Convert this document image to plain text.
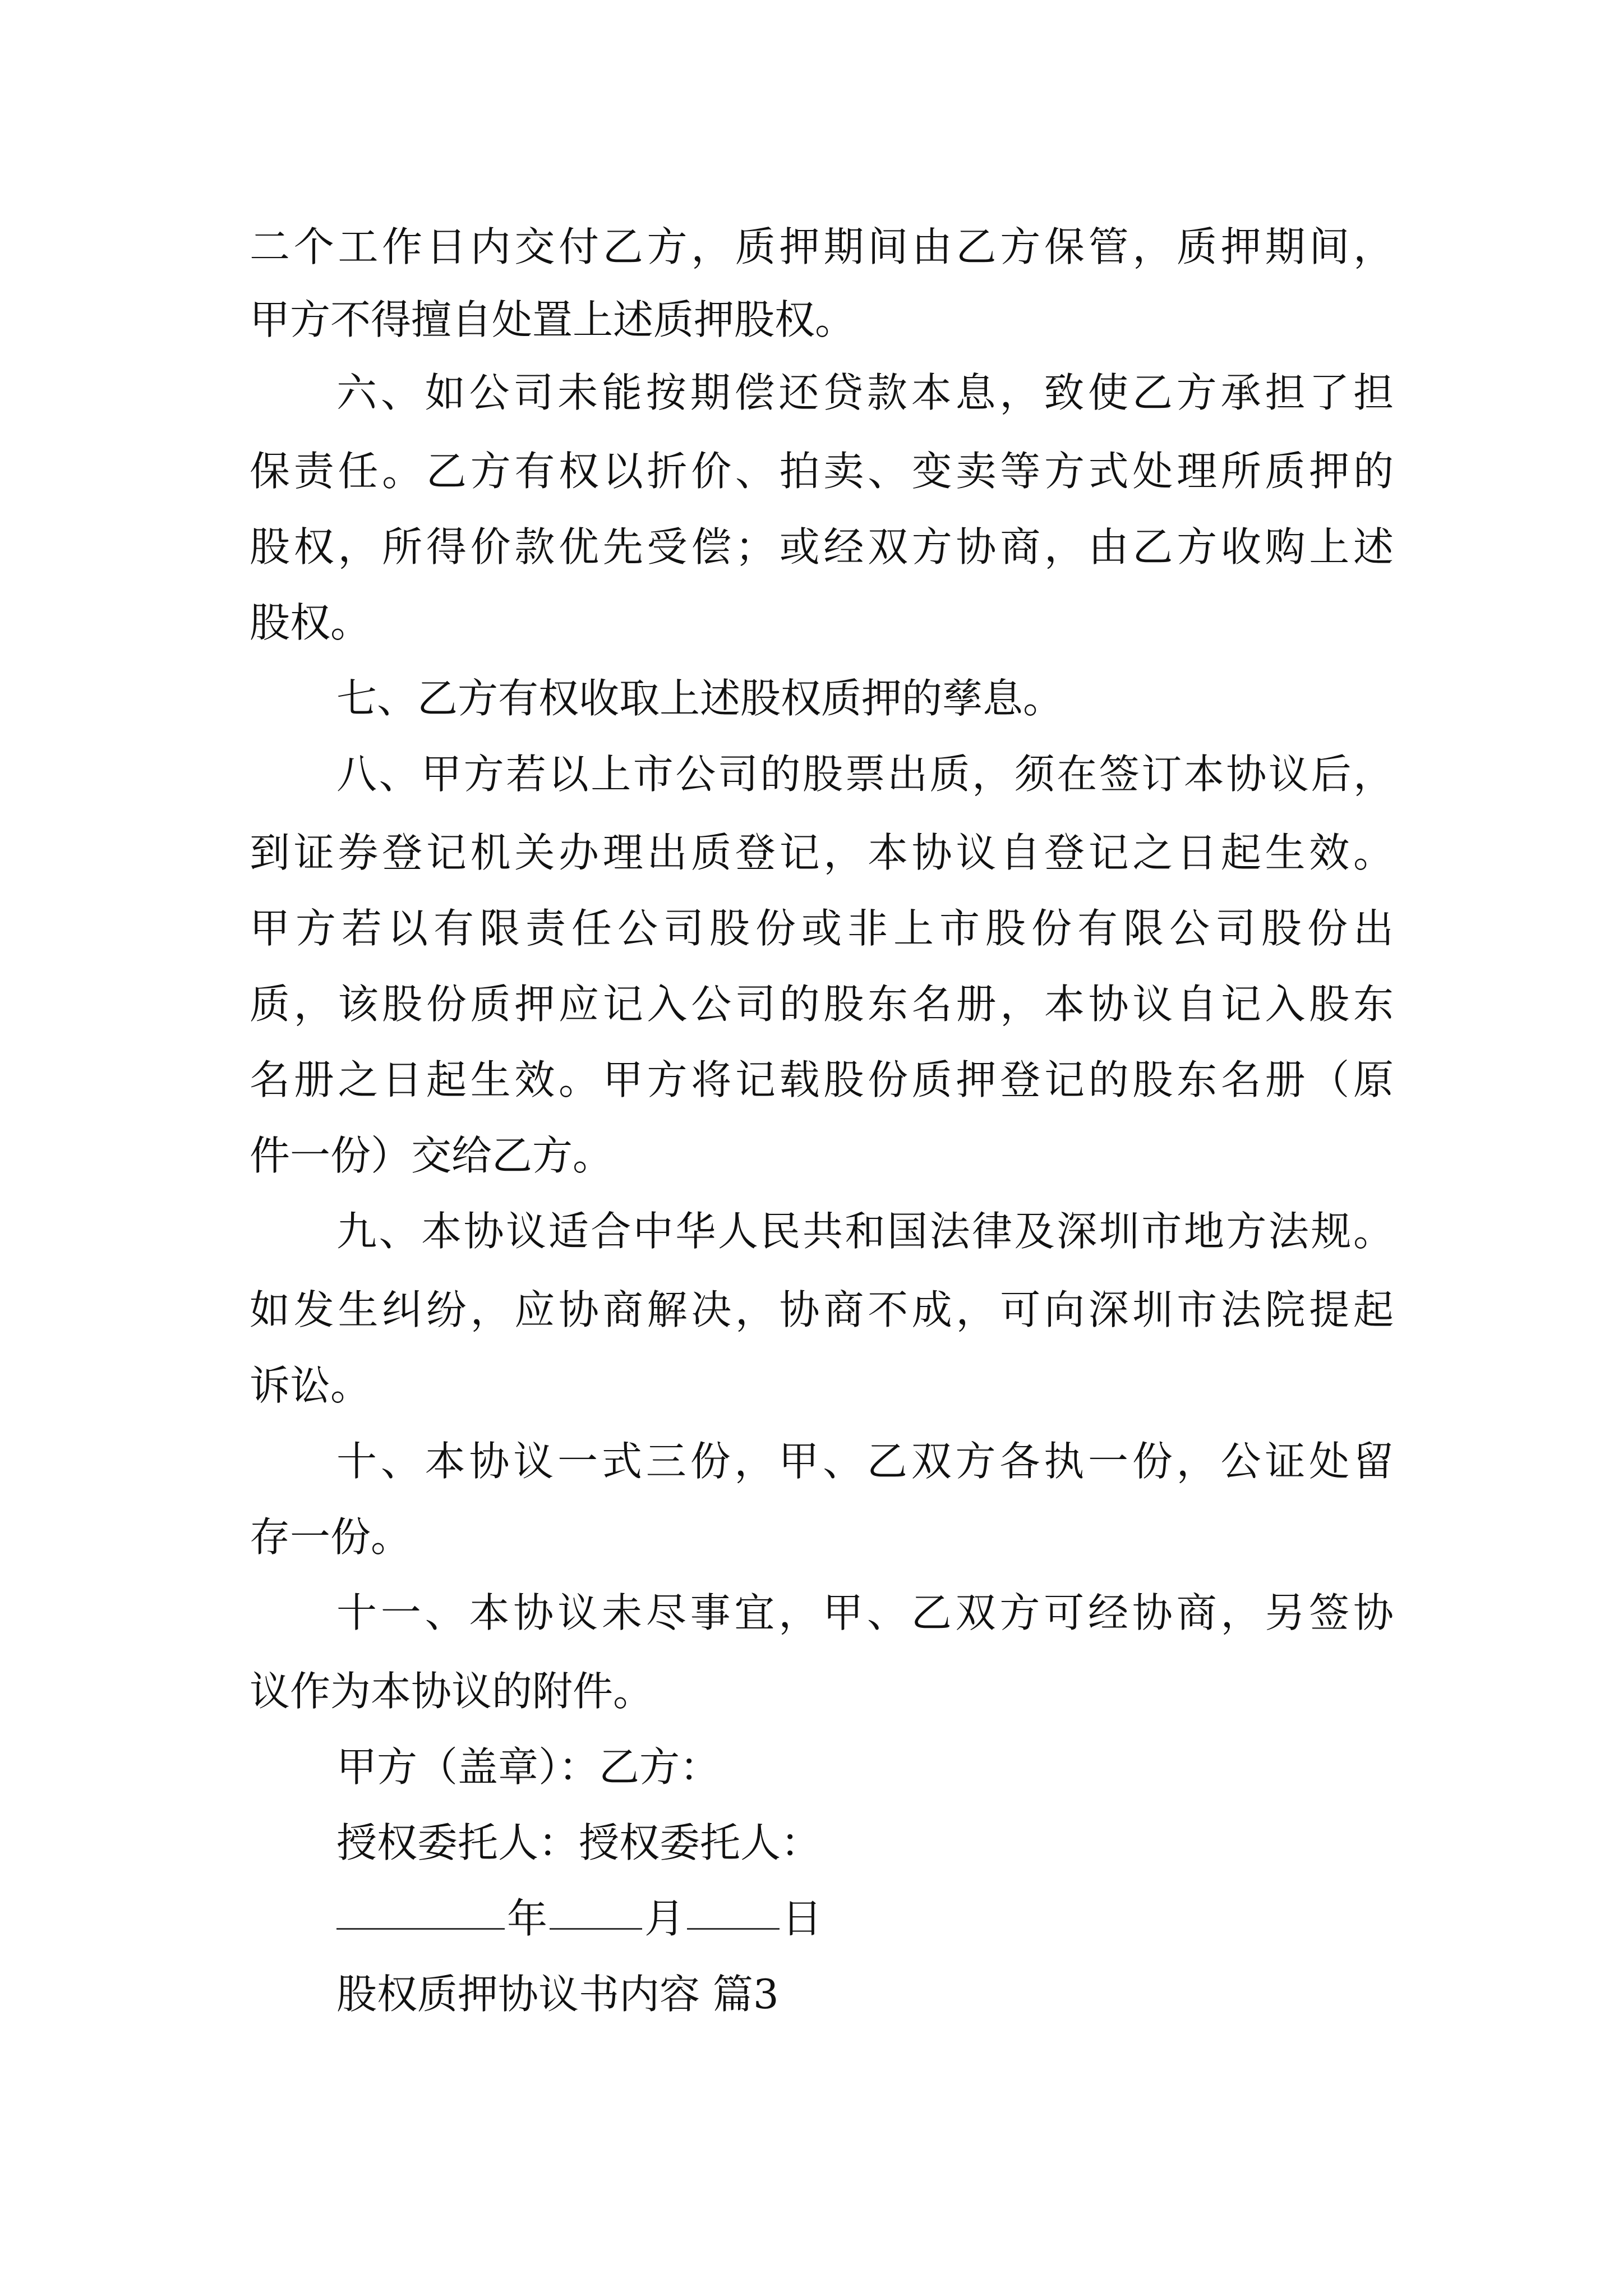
二个工作日内交付乙方，质押期间由乙方保管，质押期间，
甲方不得擅自处置上述质押股权。
六、如公司未能按期偿还贷款本息，致使乙方承担了担
保责任。乙方有权以折价、拍卖、变卖等方式处理所质押的
股权，所得价款优先受偿；或经双方协商，由乙方收购上述
股权。
七、乙方有权收取上述股权质押的孳息。
八、甲方若以上市公司的股票出质，须在签订本协议后，
到证券登记机关办理出质登记，本协议自登记之日起生效。
甲方若以有限责任公司股份或非上市股份有限公司股份出
质，该股份质押应记入公司的股东名册，本协议自记入股东
名册之日起生效。甲方将记载股份质押登记的股东名册（原
件一份）交给乙方。
九、本协议适合中华人民共和国法律及深圳市地方法规。
如发生纠纷，应协商解决，协商不成，可向深圳市法院提起
诉讼。
十、本协议一式三份，甲、乙双方各执一份，公证处留
存一份。
十一、本协议未尽事宜，甲、乙双方可经协商，另签协
议作为本协议的附件。
甲方（盖章）：乙方：
授权委托人：授权委托人：
年 月 日
股权质押协议书内容 篇3
